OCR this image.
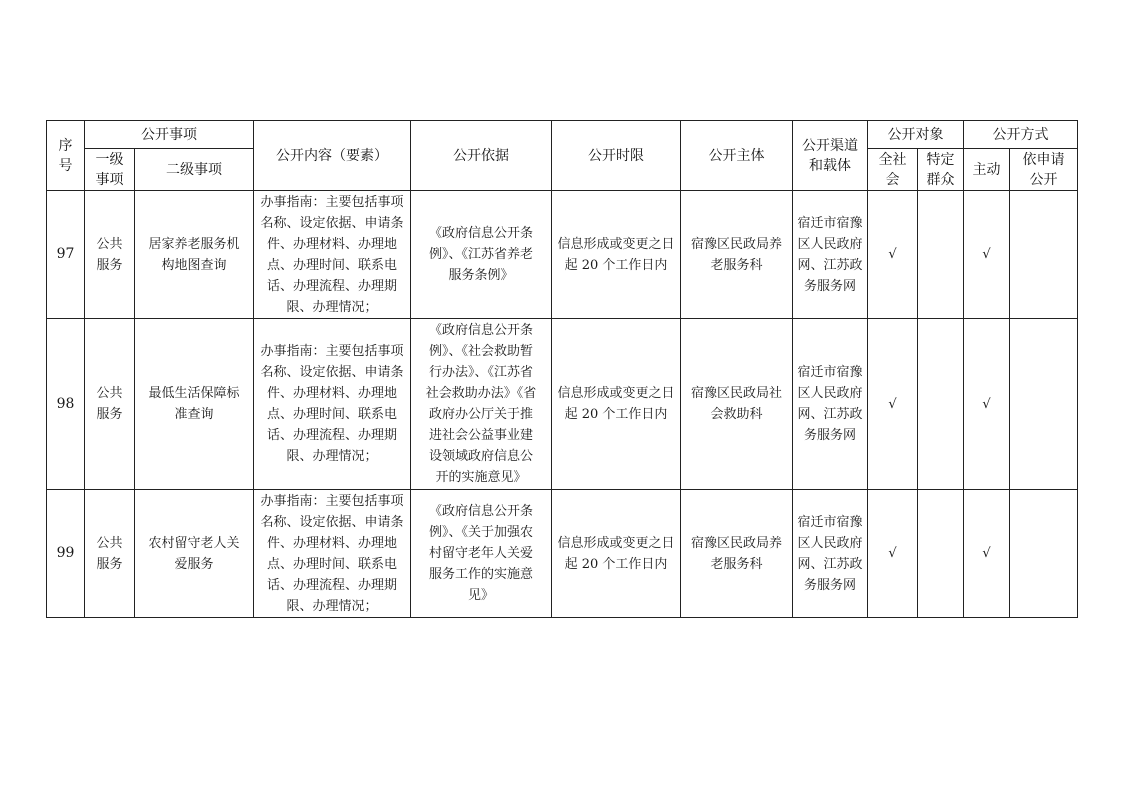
序号	公开事项		公开内容（要素）	公开依据	公开时限	公开主体	公开渠道和载体	公开对象		公开方式	
	一级事项	二级事项						全社会	特定群众	主动	依申请公开
97	公共服务	居家养老服务机构地图查询	办事指南：主要包括事项名称、设定依据、申请条件、办理材料、办理地点、办理时间、联系电话、办理流程、办理期限、办理情况；	《政府信息公开条例》、《江苏省养老服务条例》	信息形成或变更之日起 20 个工作日内	宿豫区民政局养老服务科	宿迁市宿豫区人民政府网、江苏政务服务网	√		√	
98	公共服务	最低生活保障标准查询	办事指南：主要包括事项名称、设定依据、申请条件、办理材料、办理地点、办理时间、联系电话、办理流程、办理期限、办理情况；	《政府信息公开条例》、《社会救助暂行办法》、《江苏省社会救助办法》《省政府办公厅关于推进社会公益事业建设领域政府信息公开的实施意见》	信息形成或变更之日起 20 个工作日内	宿豫区民政局社会救助科	宿迁市宿豫区人民政府网、江苏政务服务网	√		√	
99	公共服务	农村留守老人关爱服务	办事指南：主要包括事项名称、设定依据、申请条件、办理材料、办理地点、办理时间、联系电话、办理流程、办理期限、办理情况；	《政府信息公开条例》、《关于加强农村留守老年人关爱服务工作的实施意见》	信息形成或变更之日起 20 个工作日内	宿豫区民政局养老服务科	宿迁市宿豫区人民政府网、江苏政务服务网	√		√	
